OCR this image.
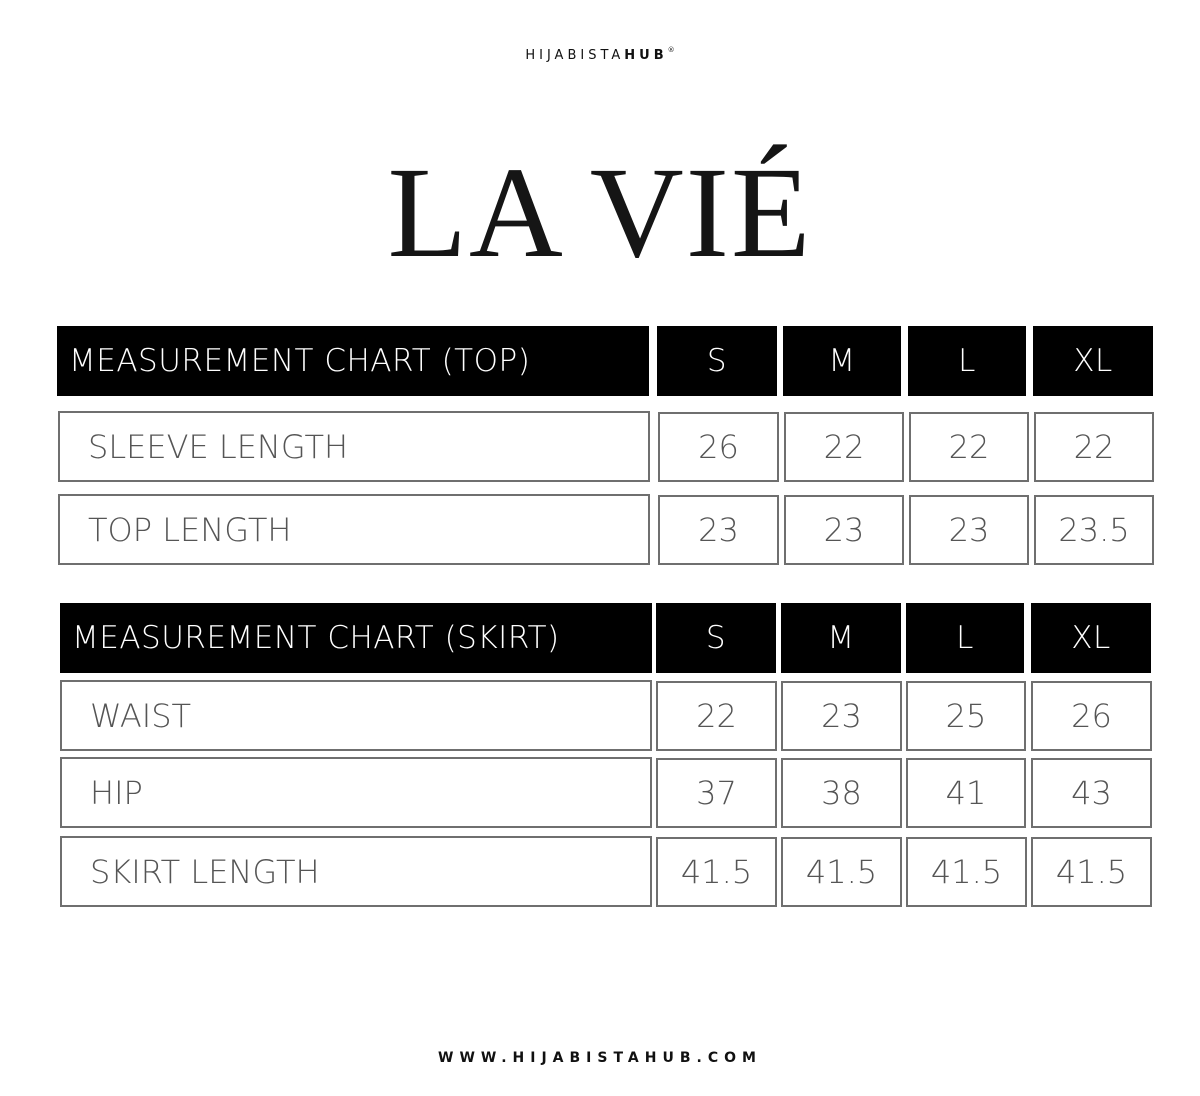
HIJABISTAHUB®
LA VIÉ
MEASUREMENT CHART (TOP)	S	M	L	XL
SLEEVE LENGTH	26	22	22	22
TOP LENGTH	23	23	23	23.5
MEASUREMENT CHART (SKIRT)	S	M	L	XL
WAIST	22	23	25	26
HIP	37	38	41	43
SKIRT LENGTH	41.5	41.5	41.5	41.5
WWW.HIJABISTAHUB.COM
